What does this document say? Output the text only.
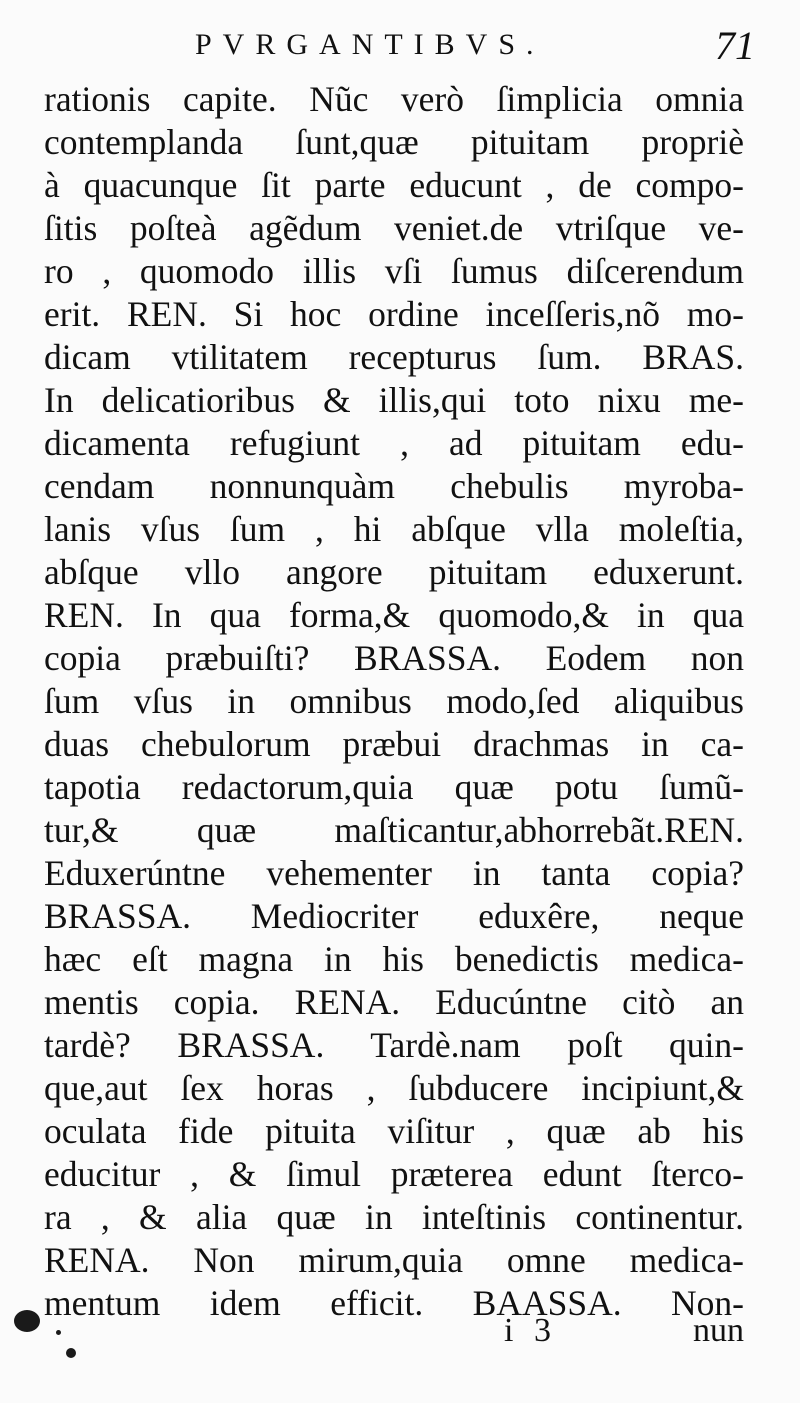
PVRGANTIBVS.	71
rationis capite. Nũc verò ſimplicia omnia
contemplanda ſunt,quæ pituitam propriè
à quacunque ſit parte educunt , de compo-
ſitis poſteà agẽdum veniet.de vtriſque ve-
ro , quomodo illis vſi ſumus diſcerendum
erit. REN. Si hoc ordine inceſſeris,nõ mo-
dicam vtilitatem recepturus ſum. BRAS.
In delicatioribus & illis,qui toto nixu me-
dicamenta refugiunt , ad pituitam edu-
cendam nonnunquàm chebulis myroba-
lanis vſus ſum , hi abſque vlla moleſtia,
abſque vllo angore pituitam eduxerunt.
REN. In qua forma,& quomodo,& in qua
copia præbuiſti? BRASSA. Eodem non
ſum vſus in omnibus modo,ſed aliquibus
duas chebulorum præbui drachmas in ca-
tapotia redactorum,quia quæ potu ſumũ-
tur,& quæ maſticantur,abhorrebãt.REN.
Eduxerúntne vehementer in tanta copia?
BRASSA. Mediocriter eduxêre, neque
hæc eſt magna in his benedictis medica-
mentis copia. RENA. Educúntne citò an
tardè? BRASSA. Tardè.nam poſt quin-
que,aut ſex horas , ſubducere incipiunt,&
oculata fide pituita viſitur , quæ ab his
educitur , & ſimul præterea edunt ſterco-
ra , & alia quæ in inteſtinis continentur.
RENA. Non mirum,quia omne medica-
mentum idem efficit. BAASSA. Non-
i 3	nun
